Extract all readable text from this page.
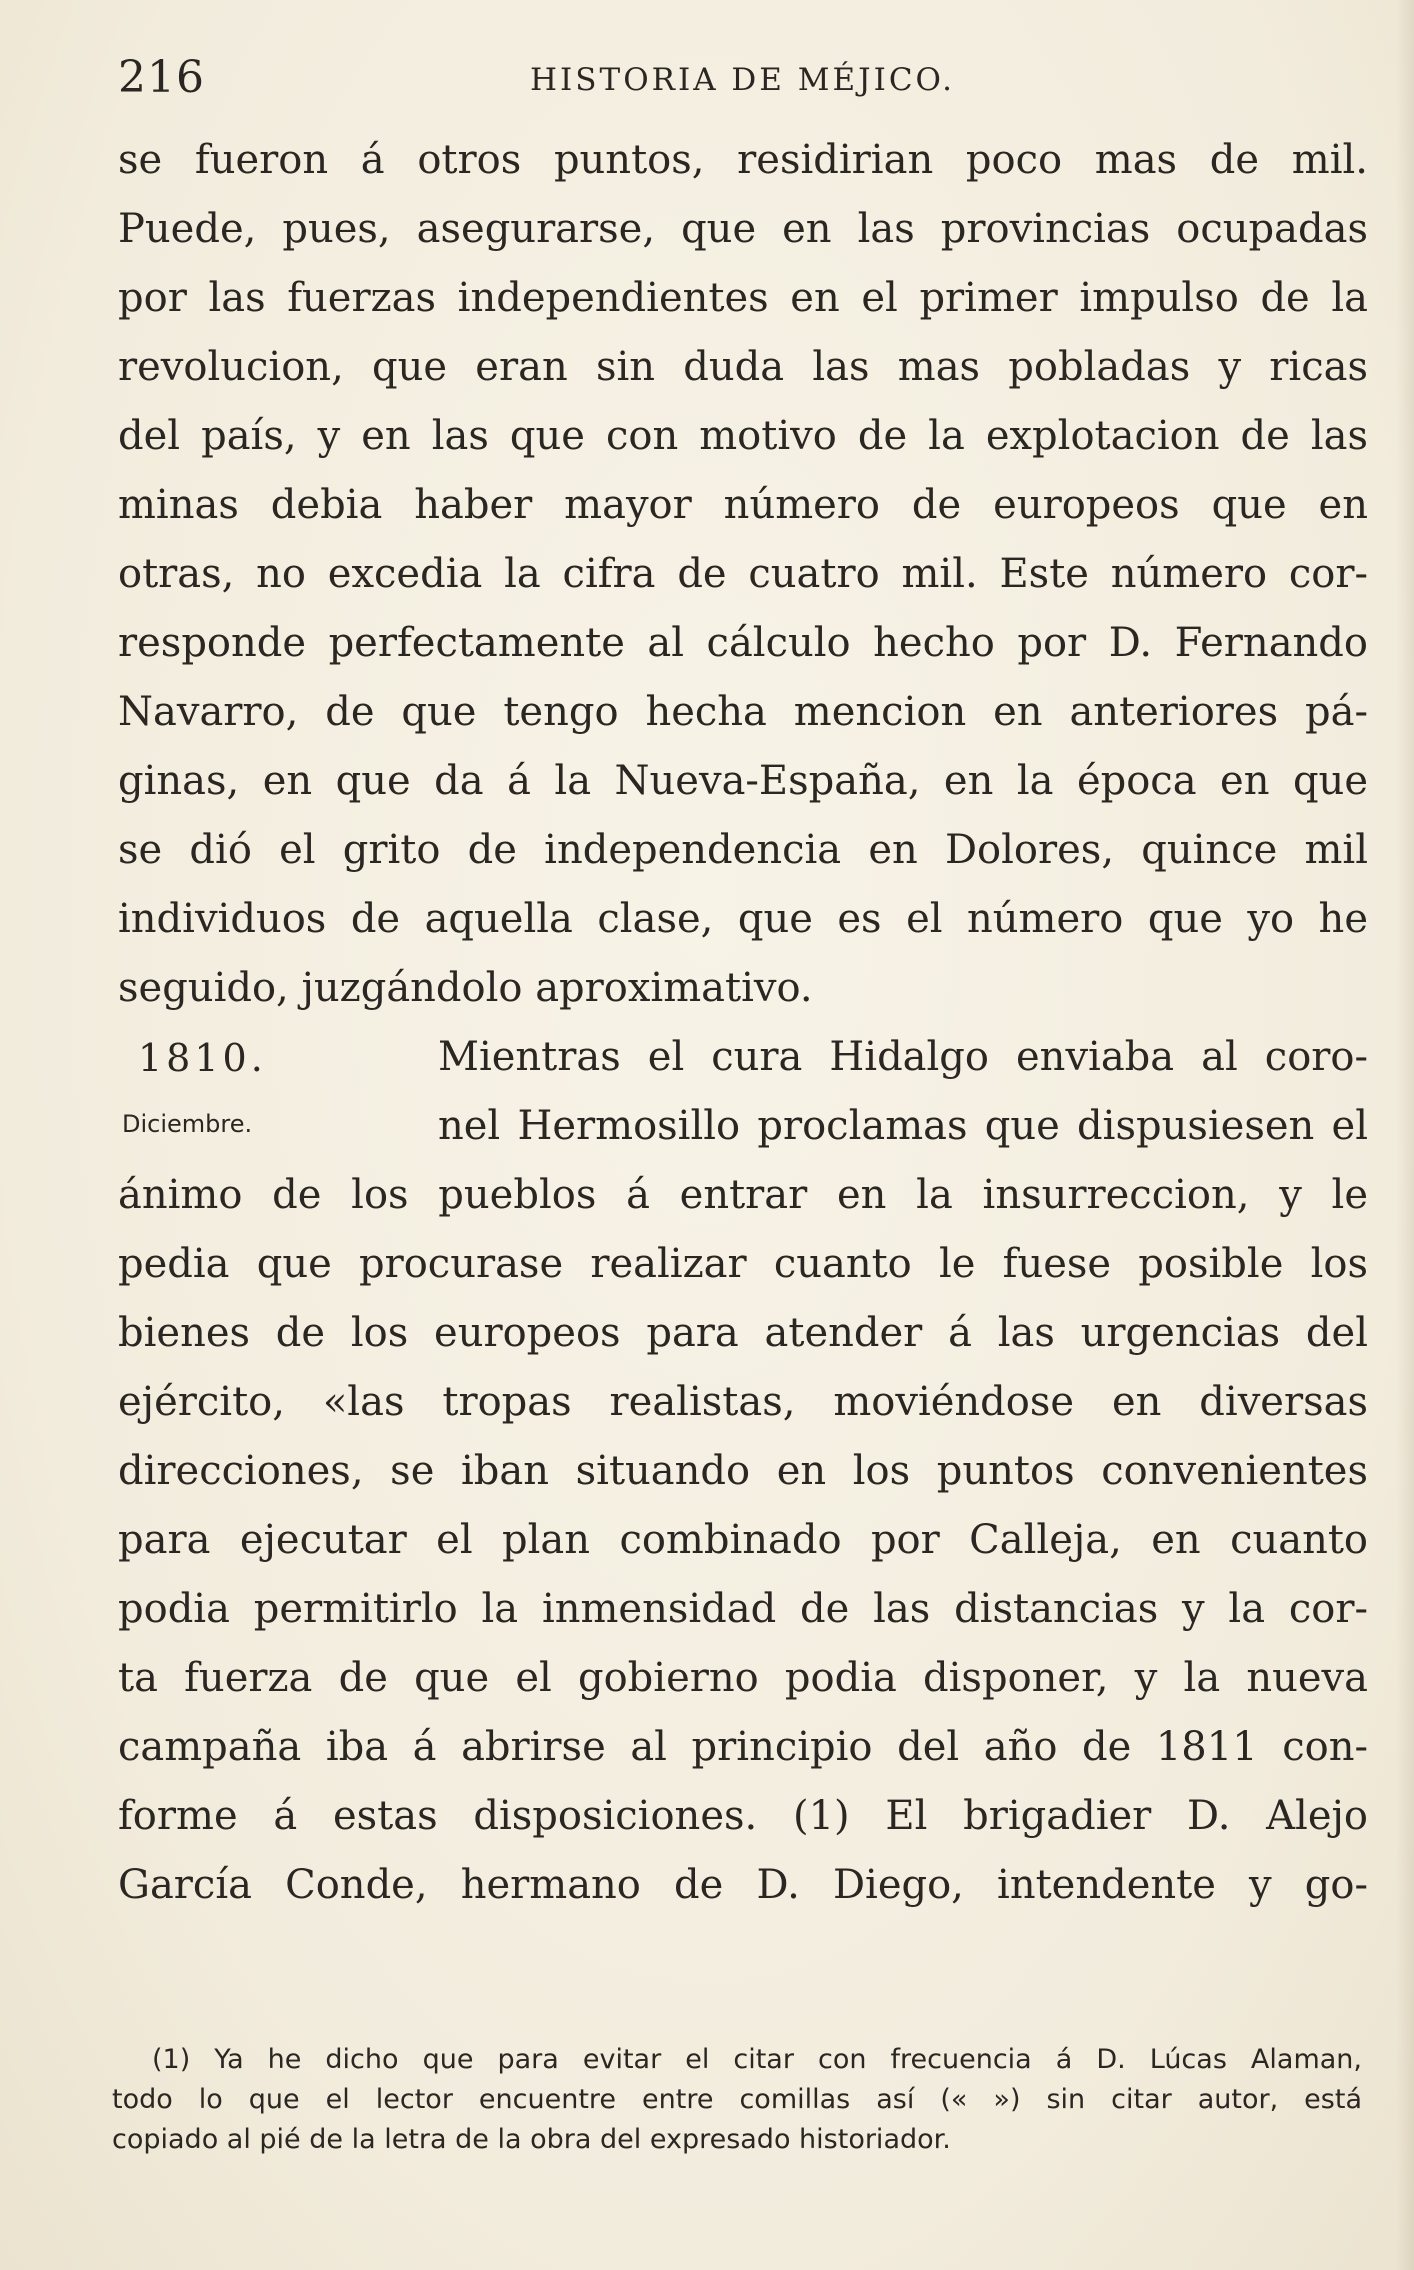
216	HISTORIA DE MÉJICO.
1810.
Diciembre.
se fueron á otros puntos, residirian poco mas de mil.
Puede, pues, asegurarse, que en las provincias ocupadas
por las fuerzas independientes en el primer impulso de la
revolucion, que eran sin duda las mas pobladas y ricas
del país, y en las que con motivo de la explotacion de las
minas debia haber mayor número de europeos que en
otras, no excedia la cifra de cuatro mil. Este número cor-
responde perfectamente al cálculo hecho por D. Fernando
Navarro, de que tengo hecha mencion en anteriores pá-
ginas, en que da á la Nueva-España, en la época en que
se dió el grito de independencia en Dolores, quince mil
individuos de aquella clase, que es el número que yo he
seguido, juzgándolo aproximativo.
Mientras el cura Hidalgo enviaba al coro-
nel Hermosillo proclamas que dispusiesen el
ánimo de los pueblos á entrar en la insurreccion, y le
pedia que procurase realizar cuanto le fuese posible los
bienes de los europeos para atender á las urgencias del
ejército, «las tropas realistas, moviéndose en diversas
direcciones, se iban situando en los puntos convenientes
para ejecutar el plan combinado por Calleja, en cuanto
podia permitirlo la inmensidad de las distancias y la cor-
ta fuerza de que el gobierno podia disponer, y la nueva
campaña iba á abrirse al principio del año de 1811 con-
forme á estas disposiciones. (1) El brigadier D. Alejo
García Conde, hermano de D. Diego, intendente y go-
(1) Ya he dicho que para evitar el citar con frecuencia á D. Lúcas Alaman,
todo lo que el lector encuentre entre comillas así (« ») sin citar autor, está
copiado al pié de la letra de la obra del expresado historiador.
